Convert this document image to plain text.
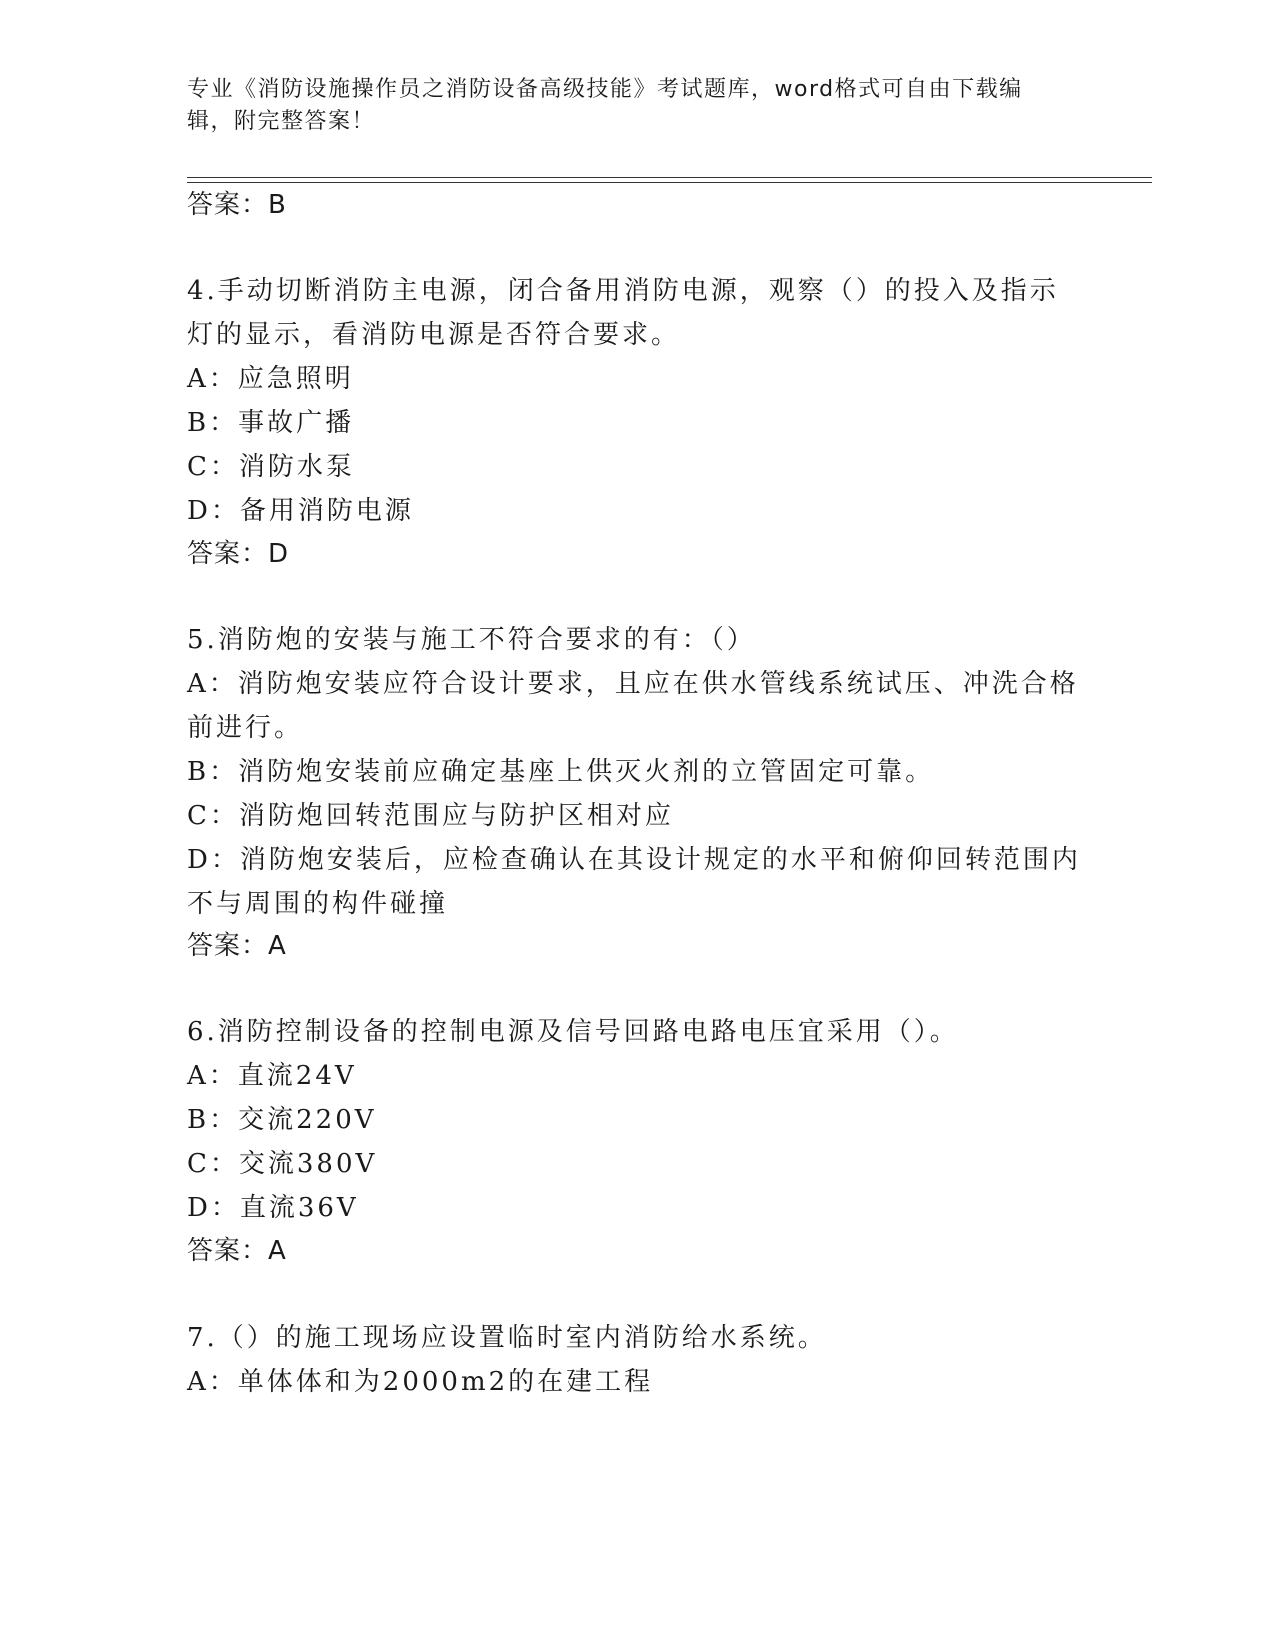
专业《消防设施操作员之消防设备高级技能》考试题库，word格式可自由下载编
辑，附完整答案！
答案：B
4.手动切断消防主电源，闭合备用消防电源，观察（）的投入及指示
灯的显示，看消防电源是否符合要求。
A：应急照明
B：事故广播
C：消防水泵
D：备用消防电源
答案：D
5.消防炮的安装与施工不符合要求的有：（）
A：消防炮安装应符合设计要求，且应在供水管线系统试压、冲洗合格
前进行。
B：消防炮安装前应确定基座上供灭火剂的立管固定可靠。
C：消防炮回转范围应与防护区相对应
D：消防炮安装后，应检查确认在其设计规定的水平和俯仰回转范围内
不与周围的构件碰撞
答案：A
6.消防控制设备的控制电源及信号回路电路电压宜采用（）。
A：直流24V
B：交流220V
C：交流380V
D：直流36V
答案：A
7.（）的施工现场应设置临时室内消防给水系统。
A：单体体和为2000m2的在建工程
